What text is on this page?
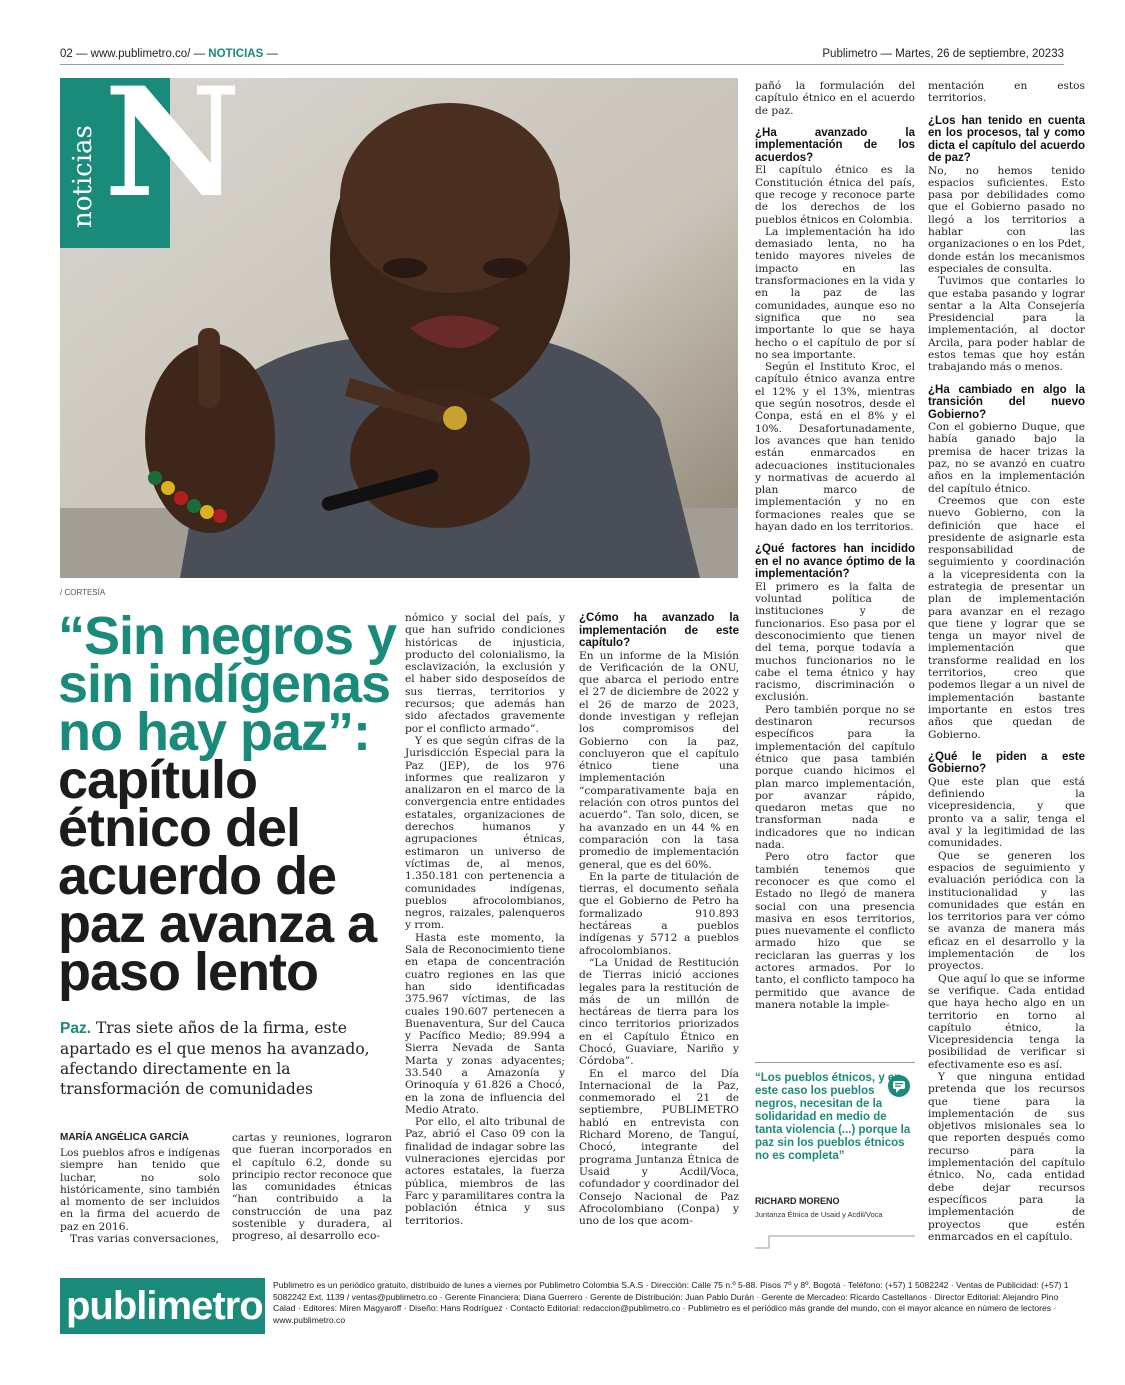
02 — www.publimetro.co/ — NOTICIAS —	Publimetro — Martes, 26 de septiembre, 20233
noticias N
/ CORTESÍA
“Sin negros y sin indígenas no hay paz”: capítulo étnico del acuerdo de paz avanza a paso lento
Paz. Tras siete años de la firma, este apartado es el que menos ha avanzado, afectando directamente en la transformación de comunidades
MARÍA ANGÉLICA GARCÍA

Los pueblos afros e indígenas siempre han tenido que luchar, no solo históricamente, sino también al momento de ser incluidos en la firma del acuerdo de paz en 2016.

Tras varias conversaciones,

cartas y reuniones, lograron que fueran incorporados en el capítulo 6.2, donde su principio rector reconoce que las comunidades étnicas “han contribuido a la construcción de una paz sostenible y duradera, al progreso, al desarrollo eco-

nómico y social del país, y que han sufrido condiciones históricas de injusticia, producto del colonialismo, la esclavización, la exclusión y el haber sido desposeídos de sus tierras, territorios y recursos; que además han sido afectados gravemente por el conflicto armado”.

Y es que según cifras de la Jurisdicción Especial para la Paz (JEP), de los 976 informes que realizaron y analizaron en el marco de la convergencia entre entidades estatales, organizaciones de derechos humanos y agrupaciones étnicas, estimaron un universo de víctimas de, al menos, 1.350.181 con pertenencia a comunidades indígenas, pueblos afrocolombianos, negros, raizales, palenqueros y rrom.

Hasta este momento, la Sala de Reconocimiento tiene en etapa de concentración cuatro regiones en las que han sido identificadas 375.967 víctimas, de las cuales 190.607 pertenecen a Buenaventura, Sur del Cauca y Pacífico Medio; 89.994 a Sierra Nevada de Santa Marta y zonas adyacentes; 33.540 a Amazonía y Orinoquía y 61.826 a Chocó, en la zona de influencia del Medio Atrato.

Por ello, el alto tribunal de Paz, abrió el Caso 09 con la finalidad de indagar sobre las vulneraciones ejercidas por actores estatales, la fuerza pública, miembros de las Farc y paramilitares contra la población étnica y sus territorios.

¿Cómo ha avanzado la implementación de este capítulo?

En un informe de la Misión de Verificación de la ONU, que abarca el periodo entre el 27 de diciembre de 2022 y el 26 de marzo de 2023, donde investigan y reflejan los compromisos del Gobierno con la paz, concluyeron que el capítulo étnico tiene una implementación “comparativamente baja en relación con otros puntos del acuerdo”. Tan solo, dicen, se ha avanzado en un 44 % en comparación con la tasa promedio de implementación general, que es del 60%.

En la parte de titulación de tierras, el documento señala que el Gobierno de Petro ha formalizado 910.893 hectáreas a pueblos indígenas y 5712 a pueblos afrocolombianos.

“La Unidad de Restitución de Tierras inició acciones legales para la restitución de más de un millón de hectáreas de tierra para los cinco territorios priorizados en el Capítulo Étnico en Chocó, Guaviare, Nariño y Córdoba”.

En el marco del Día Internacional de la Paz, conmemorado el 21 de septiembre, PUBLIMETRO habló en entrevista con Richard Moreno, de Tanguí, Chocó, integrante del programa Juntanza Étnica de Usaid y Acdil/Voca, cofundador y coordinador del Consejo Nacional de Paz Afrocolombiano (Conpa) y uno de los que acom-

pañó la formulación del capítulo étnico en el acuerdo de paz.

¿Ha avanzado la implementación de los acuerdos?

El capítulo étnico es la Constitución étnica del país, que recoge y reconoce parte de los derechos de los pueblos étnicos en Colombia.

La implementación ha ido demasiado lenta, no ha tenido mayores niveles de impacto en las transformaciones en la vida y en la paz de las comunidades, aunque eso no significa que no sea importante lo que se haya hecho o el capítulo de por sí no sea importante.

Según el Instituto Kroc, el capítulo étnico avanza entre el 12% y el 13%, mientras que según nosotros, desde el Conpa, está en el 8% y el 10%. Desafortunadamente, los avances que han tenido están enmarcados en adecuaciones institucionales y normativas de acuerdo al plan marco de implementación y no en formaciones reales que se hayan dado en los territorios.

¿Qué factores han incidido en el no avance óptimo de la implementación?

El primero es la falta de voluntad política de instituciones y de funcionarios. Eso pasa por el desconocimiento que tienen del tema, porque todavía a muchos funcionarios no le cabe el tema étnico y hay racismo, discriminación o exclusión.

Pero también porque no se destinaron recursos específicos para la implementación del capítulo étnico que pasa también porque cuando hicimos el plan marco implementación, por avanzar rápido, quedaron metas que no transforman nada e indicadores que no indican nada.

Pero otro factor que también tenemos que reconocer es que como el Estado no llegó de manera social con una presencia masiva en esos territorios, pues nuevamente el conflicto armado hizo que se reciclaran las guerras y los actores armados. Por lo tanto, el conflicto tampoco ha permitido que avance de manera notable la imple-

“Los pueblos étnicos, y en este caso los pueblos negros, necesitan de la solidaridad en medio de tanta violencia (...) porque la paz sin los pueblos étnicos no es completa”
RICHARD MORENO
Juntanza Étnica de Usaid y Acdil/Voca

mentación en estos territorios.

¿Los han tenido en cuenta en los procesos, tal y como dicta el capítulo del acuerdo de paz?

No, no hemos tenido espacios suficientes. Esto pasa por debilidades como que el Gobierno pasado no llegó a los territorios a hablar con las organizaciones o en los Pdet, donde están los mecanismos especiales de consulta.

Tuvimos que contarles lo que estaba pasando y lograr sentar a la Alta Consejería Presidencial para la implementación, al doctor Arcila, para poder hablar de estos temas que hoy están trabajando más o menos.

¿Ha cambiado en algo la transición del nuevo Gobierno?

Con el gobierno Duque, que había ganado bajo la premisa de hacer trizas la paz, no se avanzó en cuatro años en la implementación del capítulo étnico.

Creemos que con este nuevo Gobierno, con la definición que hace el presidente de asignarle esta responsabilidad de seguimiento y coordinación a la vicepresidenta con la estrategia de presentar un plan de implementación para avanzar en el rezago que tiene y lograr que se tenga un mayor nivel de implementación que transforme realidad en los territorios, creo que podemos llegar a un nivel de implementación bastante importante en estos tres años que quedan de Gobierno.

¿Qué le piden a este Gobierno?

Que este plan que está definiendo la vicepresidencia, y que pronto va a salir, tenga el aval y la legitimidad de las comunidades.

Que se generen los espacios de seguimiento y evaluación periódica con la institucionalidad y las comunidades que están en los territorios para ver cómo se avanza de manera más eficaz en el desarrollo y la implementación de los proyectos.

Que aquí lo que se informe se verifique. Cada entidad que haya hecho algo en un territorio en torno al capítulo étnico, la Vicepresidencia tenga la posibilidad de verificar si efectivamente eso es así.

Y que ninguna entidad pretenda que los recursos que tiene para la implementación de sus objetivos misionales sea lo que reporten después como recurso para la implementación del capítulo étnico. No, cada entidad debe dejar recursos específicos para la implementación de proyectos que estén enmarcados en el capítulo.

publimetro Publimetro es un periódico gratuito, distribuido de lunes a viernes por Publimetro Colombia S.A.S · Dirección: Calle 75 n.º 5-88. Pisos 7º y 8º. Bogotá · Teléfono: (+57) 1 5082242 · Ventas de Publicidad: (+57) 1 5082242 Ext. 1139 / ventas@publimetro.co · Gerente Financiera: Diana Guerrero · Gerente de Distribución: Juan Pablo Durán · Gerente de Mercadeo: Ricardo Castellanos · Director Editorial: Alejandro Pino Calad · Editores: Miren Magyaroff · Diseño: Hans Rodríguez · Contacto Editorial: redaccion@publimetro.co · Publimetro es el periódico más grande del mundo, con el mayor alcance en número de lectores · www.publimetro.co
